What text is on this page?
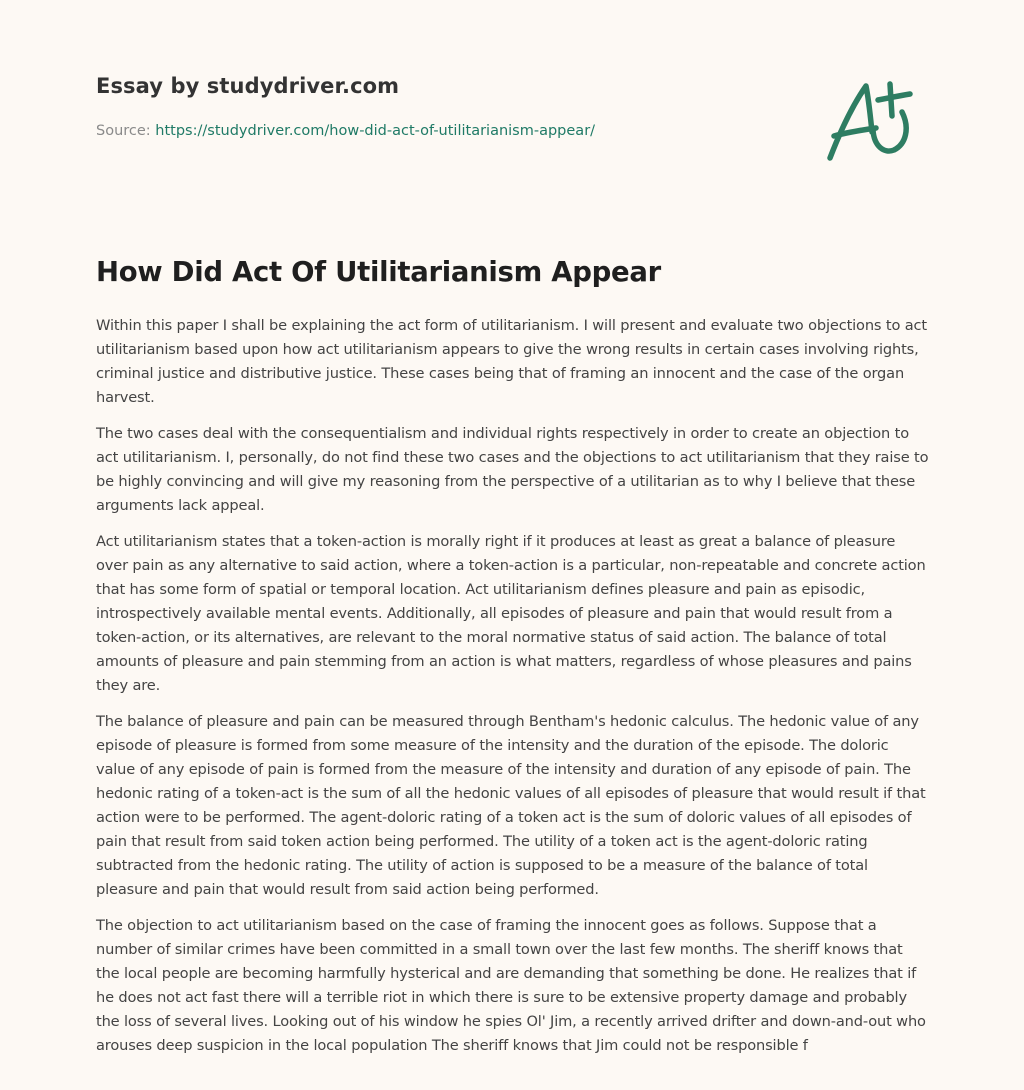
Essay by studydriver.com
Source: https://studydriver.com/how-did-act-of-utilitarianism-appear/
How Did Act Of Utilitarianism Appear

Within this paper I shall be explaining the act form of utilitarianism. I will present and evaluate two objections to act utilitarianism based upon how act utilitarianism appears to give the wrong results in certain cases involving rights, criminal justice and distributive justice. These cases being that of framing an innocent and the case of the organ harvest.

The two cases deal with the consequentialism and individual rights respectively in order to create an objection to act utilitarianism. I, personally, do not find these two cases and the objections to act utilitarianism that they raise to be highly convincing and will give my reasoning from the perspective of a utilitarian as to why I believe that these arguments lack appeal.

Act utilitarianism states that a token-action is morally right if it produces at least as great a balance of pleasure over pain as any alternative to said action, where a token-action is a particular, non-repeatable and concrete action that has some form of spatial or temporal location. Act utilitarianism defines pleasure and pain as episodic, introspectively available mental events. Additionally, all episodes of pleasure and pain that would result from a token-action, or its alternatives, are relevant to the moral normative status of said action. The balance of total amounts of pleasure and pain stemming from an action is what matters, regardless of whose pleasures and pains they are.

The balance of pleasure and pain can be measured through Bentham's hedonic calculus. The hedonic value of any episode of pleasure is formed from some measure of the intensity and the duration of the episode. The doloric value of any episode of pain is formed from the measure of the intensity and duration of any episode of pain. The hedonic rating of a token-act is the sum of all the hedonic values of all episodes of pleasure that would result if that action were to be performed. The agent-doloric rating of a token act is the sum of doloric values of all episodes of pain that result from said token action being performed. The utility of a token act is the agent-doloric rating subtracted from the hedonic rating. The utility of action is supposed to be a measure of the balance of total pleasure and pain that would result from said action being performed.

The objection to act utilitarianism based on the case of framing the innocent goes as follows. Suppose that a number of similar crimes have been committed in a small town over the last few months. The sheriff knows that the local people are becoming harmfully hysterical and are demanding that something be done. He realizes that if he does not act fast there will a terrible riot in which there is sure to be extensive property damage and probably the loss of several lives. Looking out of his window he spies Ol' Jim, a recently arrived drifter and down-and-out who arouses deep suspicion in the local population The sheriff knows that Jim could not be responsible f
